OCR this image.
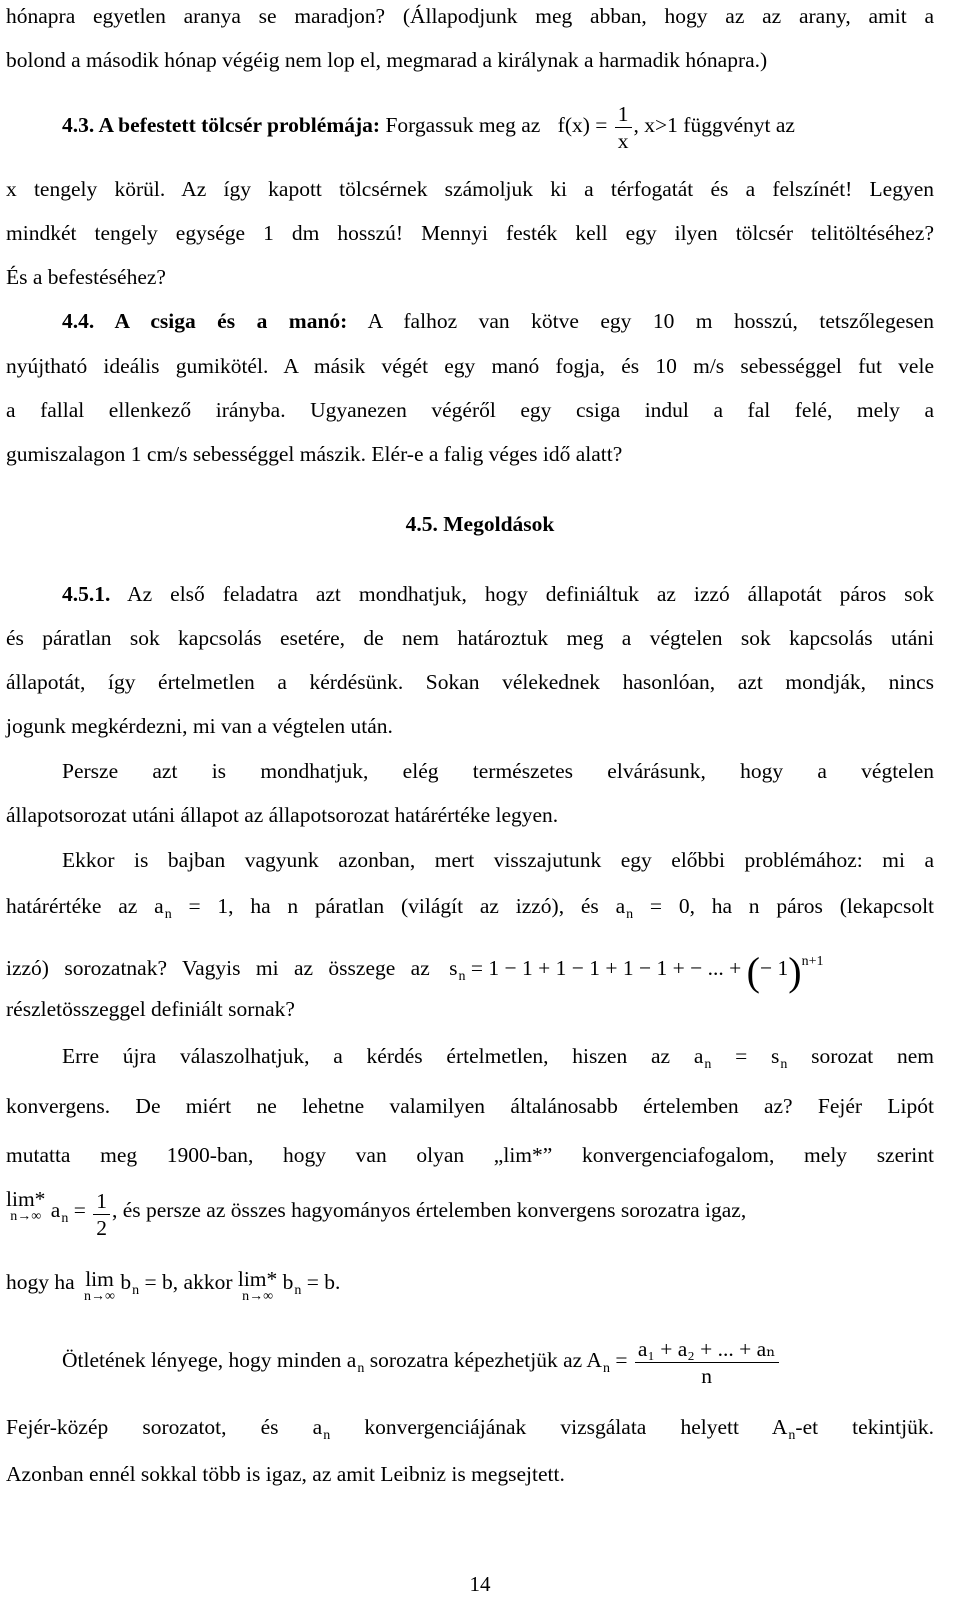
hónapra egyetlen aranya se maradjon? (Állapodjunk meg abban, hogy az az arany, amit a
bolond a második hónap végéig nem lop el, megmarad a királynak a harmadik hónapra.)
4.3. A befestett tölcsér problémája: Forgassuk meg az $f(x) = \frac{1}{x}$ , x>1 függvényt az
x tengely körül. Az így kapott tölcsérnek számoljuk ki a térfogatát és a felszínét! Legyen
mindkét tengely egysége 1 dm hosszú! Mennyi festék kell egy ilyen tölcsér telitöltéséhez?
És a befestéséhez?
4.4. A csiga és a manó: A falhoz van kötve egy 10 m hosszú, tetszőlegesen
nyújtható ideális gumikötél. A másik végét egy manó fogja, és 10 m/s sebességgel fut vele
a fallal ellenkező irányba. Ugyanezen végéről egy csiga indul a fal felé, mely a
gumiszalagon 1 cm/s sebességgel mászik. Elér-e a falig véges idő alatt?
4.5. Megoldások
4.5.1. Az első feladatra azt mondhatjuk, hogy definiáltuk az izzó állapotát páros sok
és páratlan sok kapcsolás esetére, de nem határoztuk meg a végtelen sok kapcsolás utáni
állapotát, így értelmetlen a kérdésünk. Sokan vélekednek hasonlóan, azt mondják, nincs
jogunk megkérdezni, mi van a végtelen után.
Persze azt is mondhatjuk, elég természetes elvárásunk, hogy a végtelen
állapotsorozat utáni állapot az állapotsorozat határértéke legyen.
Ekkor is bajban vagyunk azonban, mert visszajutunk egy előbbi problémához: mi a
határértéke az $a_n = 1$, ha n páratlan (világít az izzó), és $a_n = 0$, ha n páros (lekapcsolt
izzó) sorozatnak? Vagyis mi az összege az $s_n = 1 - 1 + 1 - 1 + 1 - 1$ + − ... + (− 1)$^{n+1}$
részletösszeggel definiált sornak?
Erre újra válaszolhatjuk, a kérdés értelmetlen, hiszen az $a_n = s_n$ sorozat nem
konvergens. De miért ne lehetne valamilyen általánosabb értelemben az? Fejér Lipót
mutatta meg 1900-ban, hogy van olyan „lim*” konvergenciafogalom, mely szerint
lim*
n→∞ $a_n = \frac{1}{2}$ , és persze az összes hagyományos értelemben konvergens sorozatra igaz,
hogy ha lim
n→∞
$b_n = b$, akkor lim*
n→∞
$b_n = b$.
Ötletének lényege, hogy minden $a_n$ sorozatra képezhetjük az $A_n = \frac{\text{a₁ + a₂ + ... + aₙ}}{n}$
Fejér-közép sorozatot, és $a_n$ konvergenciájának vizsgálata helyett $A_n-et$ tekintjük.
Azonban ennél sokkal több is igaz, az amit Leibniz is megsejtett.
14
